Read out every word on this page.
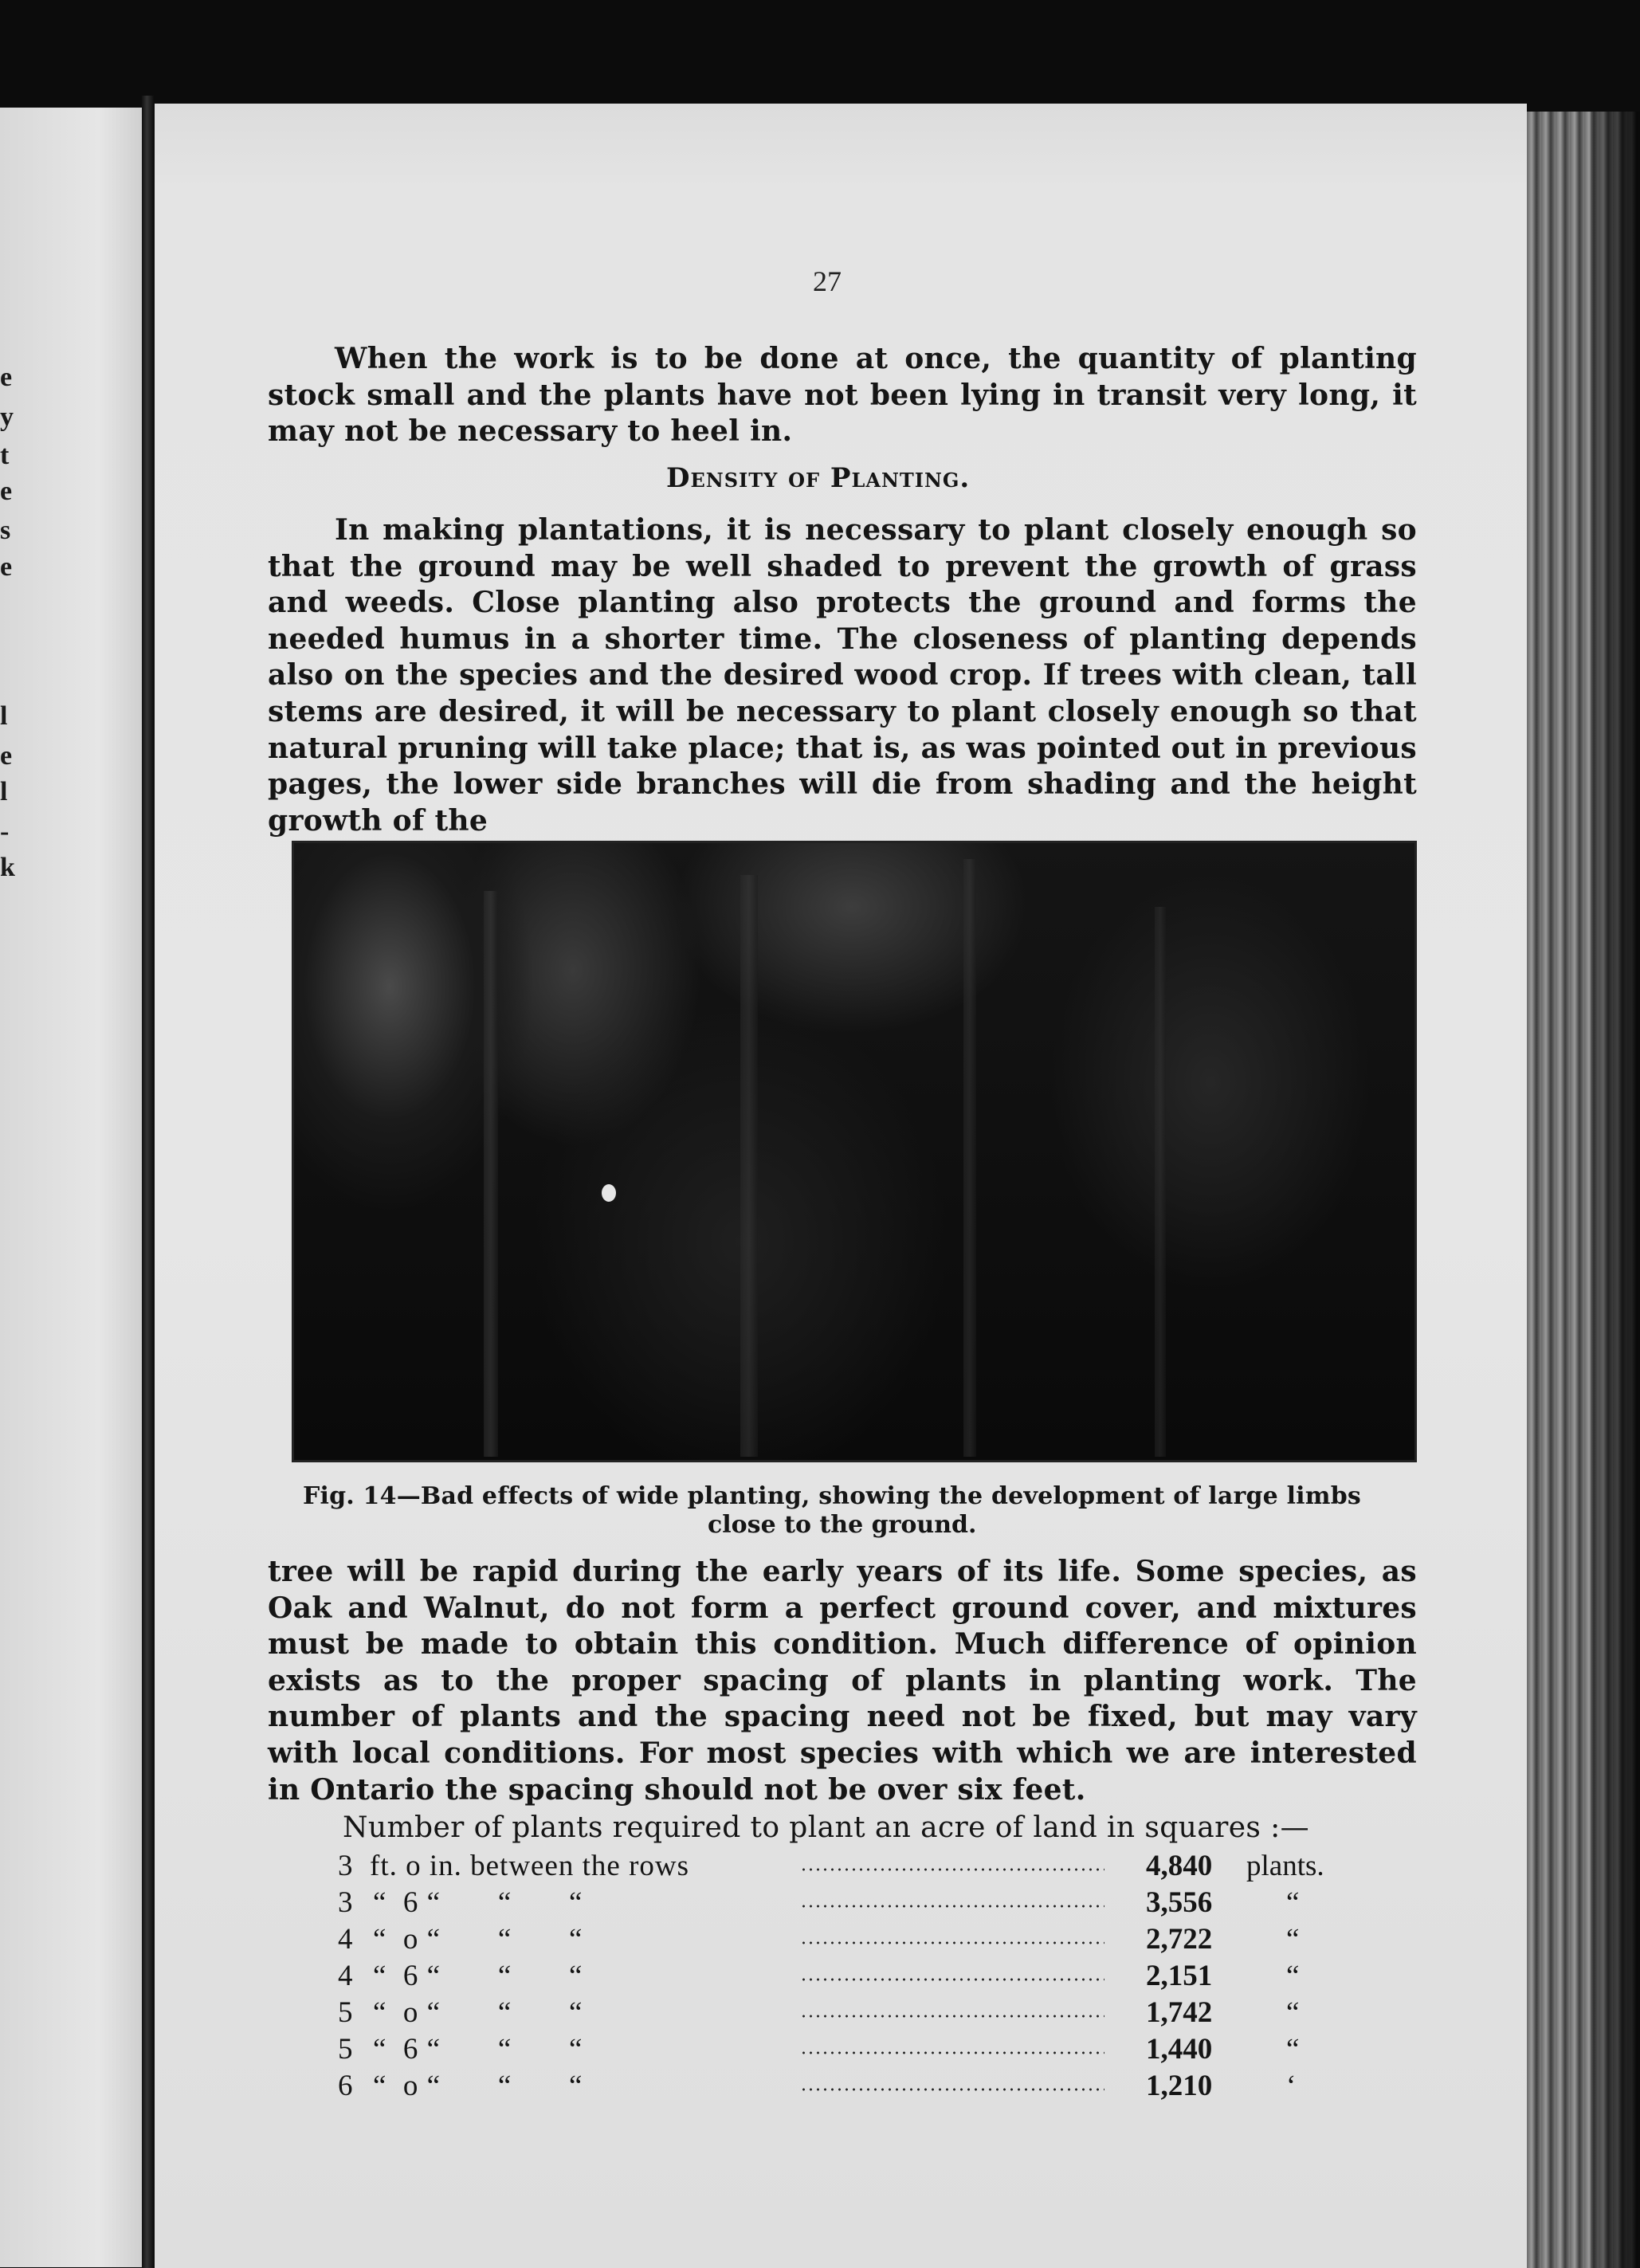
e
y
t
e
s
e
l
e
l
-
k
27

When the work is to be done at once, the quantity of planting stock small and the plants have not been lying in transit very long, it may not be necessary to heel in.

Density of Planting.

In making plantations, it is necessary to plant closely enough so that the ground may be well shaded to prevent the growth of grass and weeds. Close planting also protects the ground and forms the needed humus in a shorter time. The closeness of planting depends also on the species and the desired wood crop. If trees with clean, tall stems are desired, it will be necessary to plant closely enough so that natural pruning will take place; that is, as was pointed out in previous pages, the lower side branches will die from shading and the height growth of the

Fig. 14—Bad effects of wide planting, showing the development of large limbs
close to the ground.

tree will be rapid during the early years of its life. Some species, as Oak and Walnut, do not form a perfect ground cover, and mixtures must be made to obtain this condition. Much difference of opinion exists as to the proper spacing of plants in planting work. The number of plants and the spacing need not be fixed, but may vary with local conditions. For most species with which we are interested in Ontario the spacing should not be over six feet.

Number of plants required to plant an acre of land in squares :—
3 ft. o in. between the rows	4,840 plants.
3 “  6 “       “       “	3,556	“
4 “  o “       “       “	2,722	“
4 “  6 “       “       “	2,151	“
5 “  o “       “       “	1,742	“
5 “  6 “       “       “	1,440	“
6 “  o “       “       “	1,210	‘
